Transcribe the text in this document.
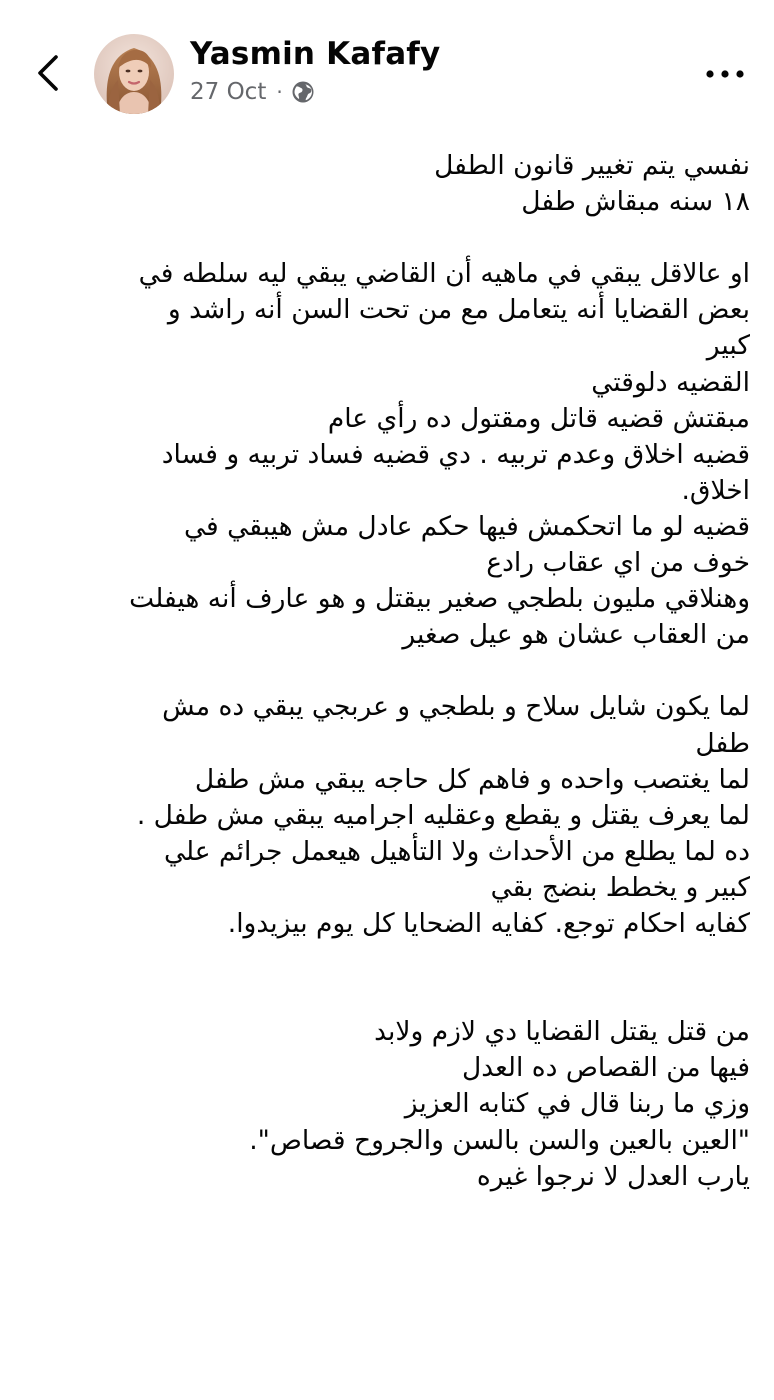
Yasmin Kafafy
27 Oct ·
نفسي يتم تغيير قانون الطفل
١٨ سنه مبقاش طفل
او عالاقل يبقي في ماهيه أن القاضي يبقي ليه سلطه في
بعض القضايا أنه يتعامل مع من تحت السن أنه راشد و
كبير
القضيه دلوقتي
مبقتش قضيه قاتل ومقتول ده رأي عام
قضيه اخلاق وعدم تربيه . دي قضيه فساد تربيه و فساد
اخلاق.
قضيه لو ما اتحكمش فيها حكم عادل مش هيبقي في
خوف من اي عقاب رادع
وهنلاقي مليون بلطجي صغير بيقتل و هو عارف أنه هيفلت
من العقاب عشان هو عيل صغير
لما يكون شايل سلاح و بلطجي و عربجي يبقي ده مش
طفل
لما يغتصب واحده و فاهم كل حاجه يبقي مش طفل
لما يعرف يقتل و يقطع وعقليه اجراميه يبقي مش طفل .
ده لما يطلع من الأحداث ولا التأهيل هيعمل جرائم علي
كبير و يخطط بنضج بقي
كفايه احكام توجع. كفايه الضحايا كل يوم بيزيدوا.
من قتل يقتل القضايا دي لازم ولابد
فيها من القصاص ده العدل
وزي ما ربنا قال في كتابه العزيز
"العين بالعين والسن بالسن والجروح قصاص".
يارب العدل لا نرجوا غيره
